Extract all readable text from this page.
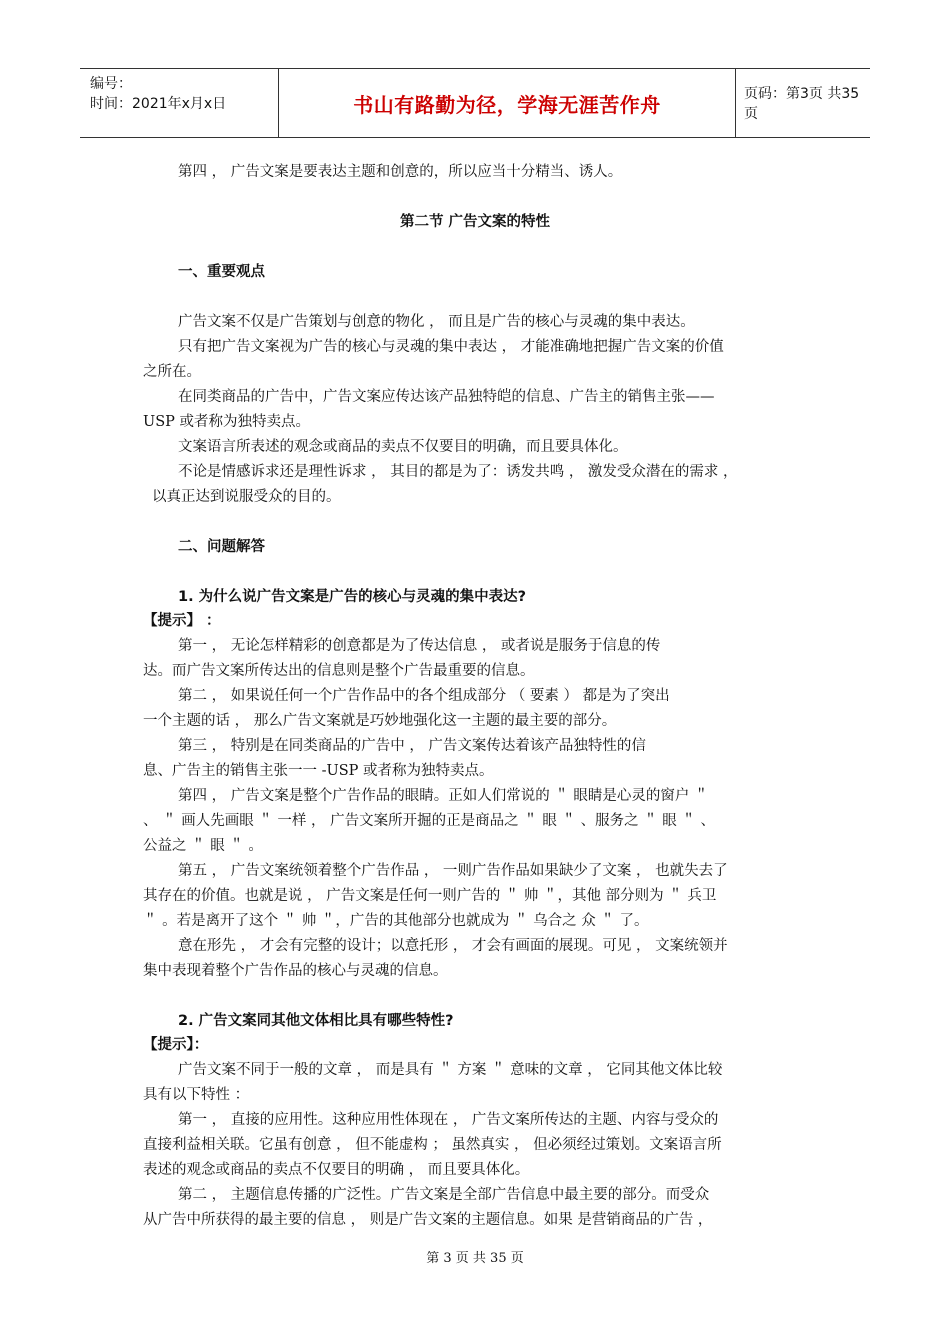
编号：
时间：2021年x月x日	书山有路勤为径，学海无涯苦作舟	页码：第3页 共35页
第四 ， 广告文案是要表达主题和创意的，所以应当十分精当、诱人。
第二节 广告文案的特性
一、重要观点
广告文案不仅是广告策划与创意的物化 ， 而且是广告的核心与灵魂的集中表达。
只有把广告文案视为广告的核心与灵魂的集中表达 ， 才能准确地把握广告文案的价值
之所在。
在同类商品的广告中，广告文案应传达该产品独特皑的信息、广告主的销售主张——
USP 或者称为独特卖点。
文案语言所表述的观念或商品的卖点不仅要目的明确，而且要具体化。
不论是情感诉求还是理性诉求 ， 其目的都是为了：诱发共鸣 ， 激发受众潜在的需求 ，
以真正达到说服受众的目的。
二、问题解答
1. 为什么说广告文案是广告的核心与灵魂的集中表达?
【提示】 ：
第一 ， 无论怎样精彩的创意都是为了传达信息 ， 或者说是服务于信息的传
达。而广告文案所传达出的信息则是整个广告最重要的信息。
第二 ， 如果说任何一个广告作品中的各个组成部分 （ 要素 ） 都是为了突出
一个主题的话 ， 那么广告文案就是巧妙地强化这一主题的最主要的部分。
第三 ， 特别是在同类商品的广告中 ， 广告文案传达着该产品独特性的信
息、广告主的销售主张一一 -USP 或者称为独特卖点。
第四 ， 广告文案是整个广告作品的眼睛。正如人们常说的 ＂ 眼睛是心灵的窗户 ＂
、 ＂ 画人先画眼 ＂ 一样 ， 广告文案所开掘的正是商品之 ＂ 眼 ＂ 、服务之 ＂ 眼 ＂ 、
公益之 ＂ 眼 ＂ 。
第五 ， 广告文案统领着整个广告作品 ， 一则广告作品如果缺少了文案 ， 也就失去了
其存在的价值。也就是说 ， 广告文案是任何一则广告的 ＂ 帅 ＂，其他 部分则为 ＂ 兵卫
＂ 。若是离开了这个 ＂ 帅 ＂，广告的其他部分也就成为 ＂ 乌合之 众 ＂ 了。
意在形先 ， 才会有完整的设计；以意托形 ， 才会有画面的展现。可见 ， 文案统领并
集中表现着整个广告作品的核心与灵魂的信息。
2. 广告文案同其他文体相比具有哪些特性?
【提示】：
广告文案不同于一般的文章 ， 而是具有 ＂ 方案 ＂ 意味的文章 ， 它同其他文体比较
具有以下特性 ：
第一 ， 直接的应用性。这种应用性体现在 ， 广告文案所传达的主题、内容与受众的
直接利益相关联。它虽有创意 ， 但不能虚构 ； 虽然真实 ， 但必须经过策划。文案语言所
表述的观念或商品的卖点不仅要目的明确 ， 而且要具体化。
第二 ， 主题信息传播的广泛性。广告文案是全部广告信息中最主要的部分。而受众
从广告中所获得的最主要的信息 ， 则是广告文案的主题信息。如果 是营销商品的广告 ，
第 3 页 共 35 页
